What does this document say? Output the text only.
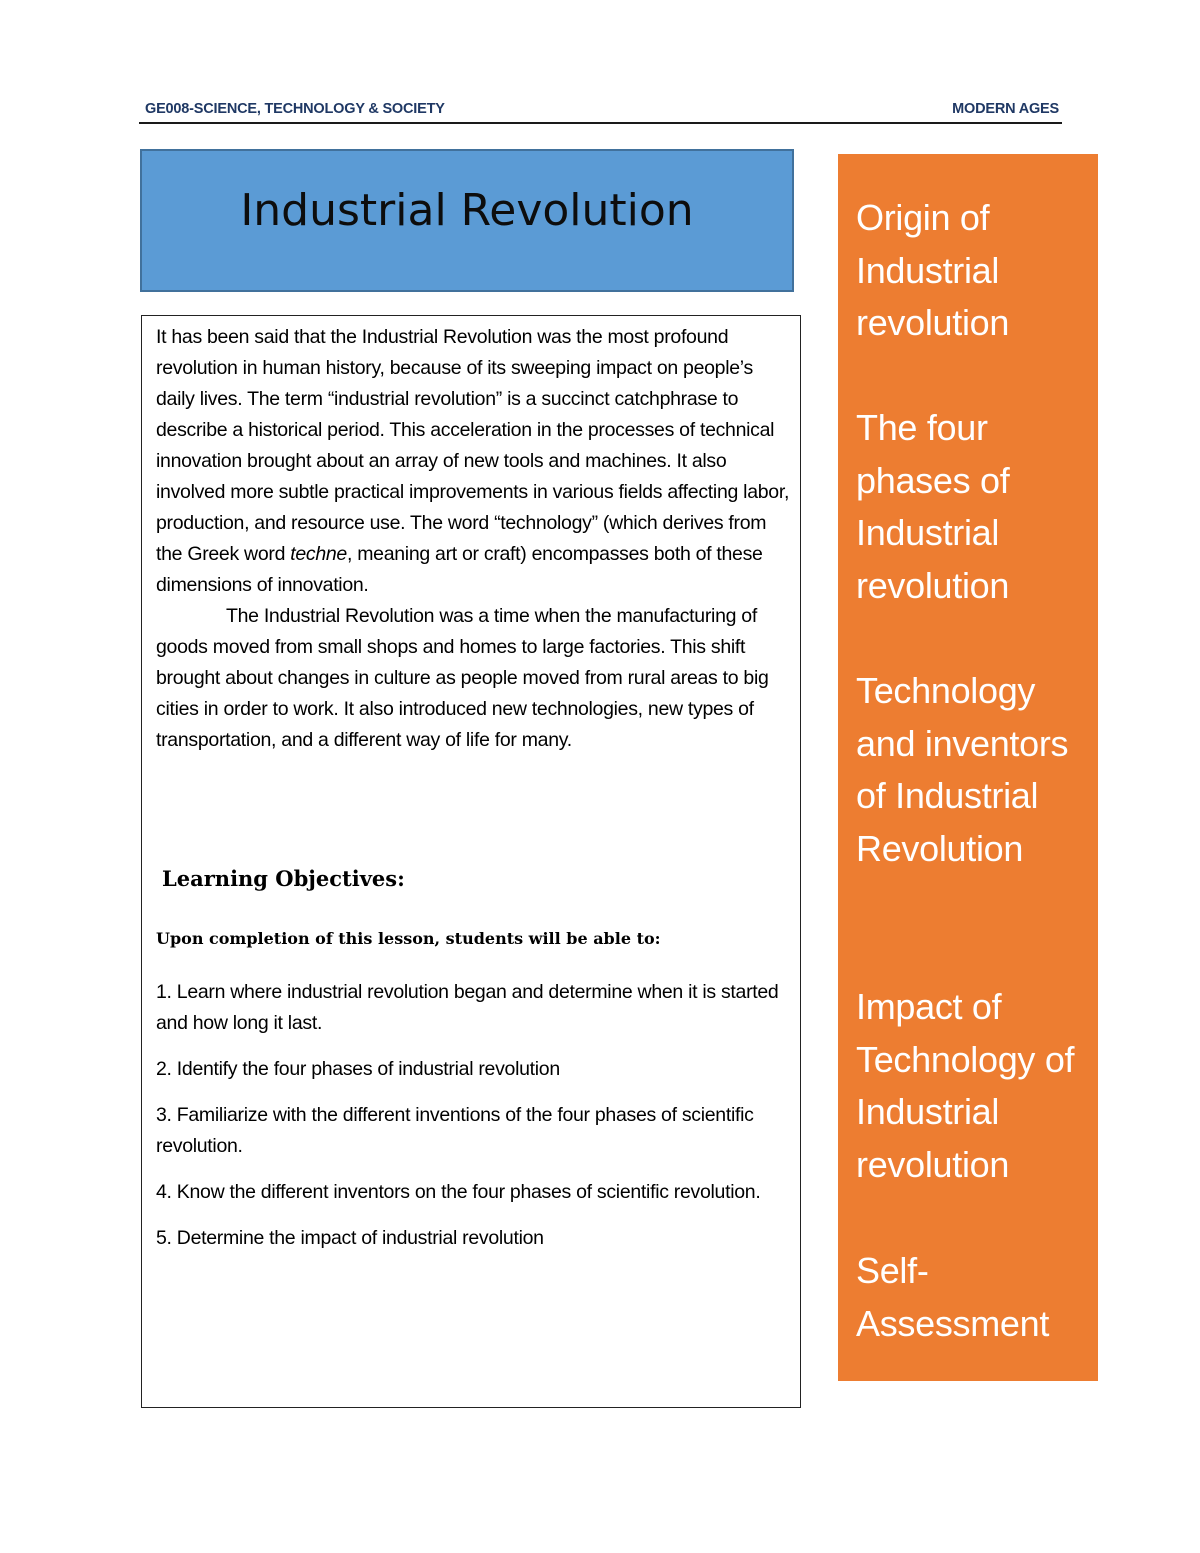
GE008-SCIENCE, TECHNOLOGY & SOCIETY	MODERN AGES
Industrial Revolution

It has been said that the Industrial Revolution was the most profound revolution in human history, because of its sweeping impact on people’s daily lives. The term “industrial revolution” is a succinct catchphrase to describe a historical period. This acceleration in the processes of technical innovation brought about an array of new tools and machines. It also involved more subtle practical improvements in various fields affecting labor, production, and resource use. The word “technology” (which derives from the Greek word techne, meaning art or craft) encompasses both of these dimensions of innovation.

The Industrial Revolution was a time when the manufacturing of goods moved from small shops and homes to large factories. This shift brought about changes in culture as people moved from rural areas to big cities in order to work. It also introduced new technologies, new types of transportation, and a different way of life for many.

Learning Objectives:
Upon completion of this lesson, students will be able to:
1. Learn where industrial revolution began and determine when it is started and how long it last.
2. Identify the four phases of industrial revolution
3. Familiarize with the different inventions of the four phases of scientific revolution.
4. Know the different inventors on the four phases of scientific revolution.
5. Determine the impact of industrial revolution
Origin of Industrial revolution
The four phases of Industrial revolution
Technology and inventors of Industrial Revolution
Impact of Technology of Industrial revolution
Self-Assessment
